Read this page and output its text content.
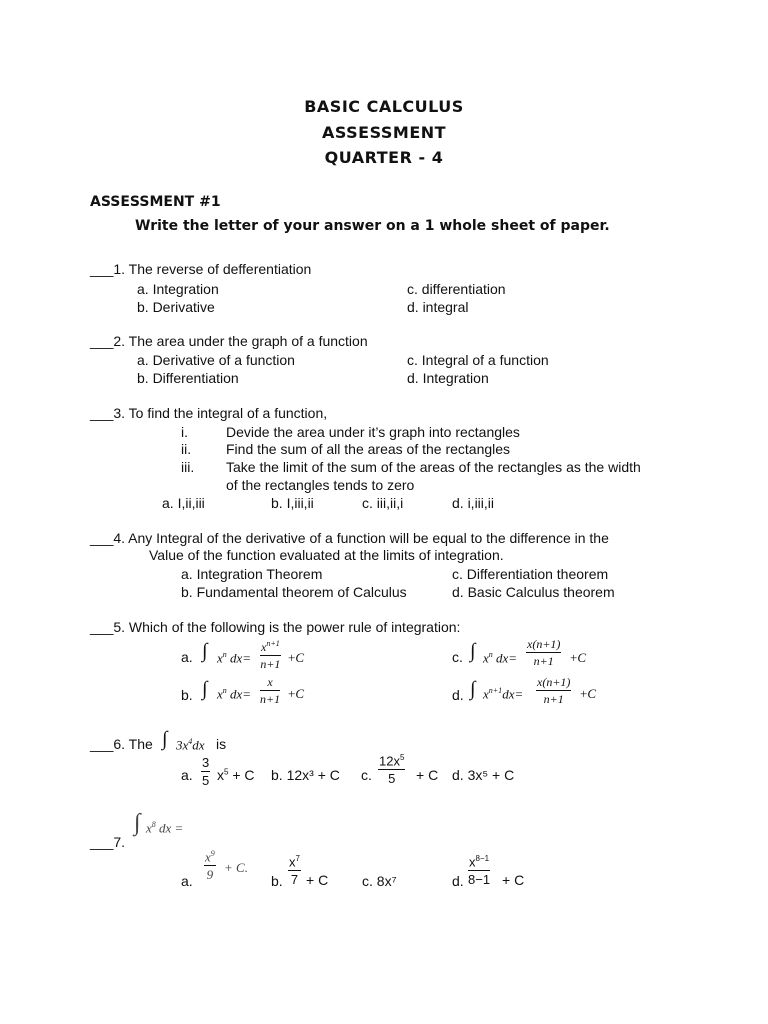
BASIC CALCULUS
ASSESSMENT
QUARTER - 4
ASSESSMENT #1
Write the letter of your answer on a 1 whole sheet of paper.
___1. The reverse of defferentiation
a. Integration
b. Derivative
c. differentiation
d. integral
___2. The area under the graph of a function
a. Derivative of a function
b. Differentiation
c. Integral of a function
d. Integration
___3. To find the integral of a function,
i.	Devide the area under it’s graph into rectangles
ii. Find the sum of all the areas of the rectangles
iii. Take the limit of the sum of the areas of the rectangles as the width
of the rectangles tends to zero
a. I,ii,iii	b. I,iii,ii	c. iii,ii,i	d. i,iii,ii
___4. Any Integral of the derivative of a function will be equal to the difference in the
Value of the function evaluated at the limits of integration.
a. Integration Theorem
b. Fundamental theorem of Calculus
c. Differentiation theorem
d. Basic Calculus theorem
___5. Which of the following is the power rule of integration:
a. ∫ $x^n$ $dx= \frac{x^{n+1}}{n+1} +C$
b. ∫ $x^n$ $dx= \frac{x}{n+1} +C$
c. ∫ $x^n$ $dx= \frac{x(n+1)}{n+1} +C$
d. ∫ $x^{n+1}dx= \frac{x(n+1)}{n+1} +C$
___6. The ∫ $3x^4dx$ is
a. $\frac{3}{5} x^5 + C$ b. 12x³ + C c. $\frac{12x^5}{5} + C$ d. 3x⁵ + C
___7.
∫ $x^8$ dx =
a. $\frac{x^9}{9} + C$.
b. $\frac{x^7}{7} + C$ c. 8x⁷	d. $\frac{x^{8-1}}{8-1} + C$
